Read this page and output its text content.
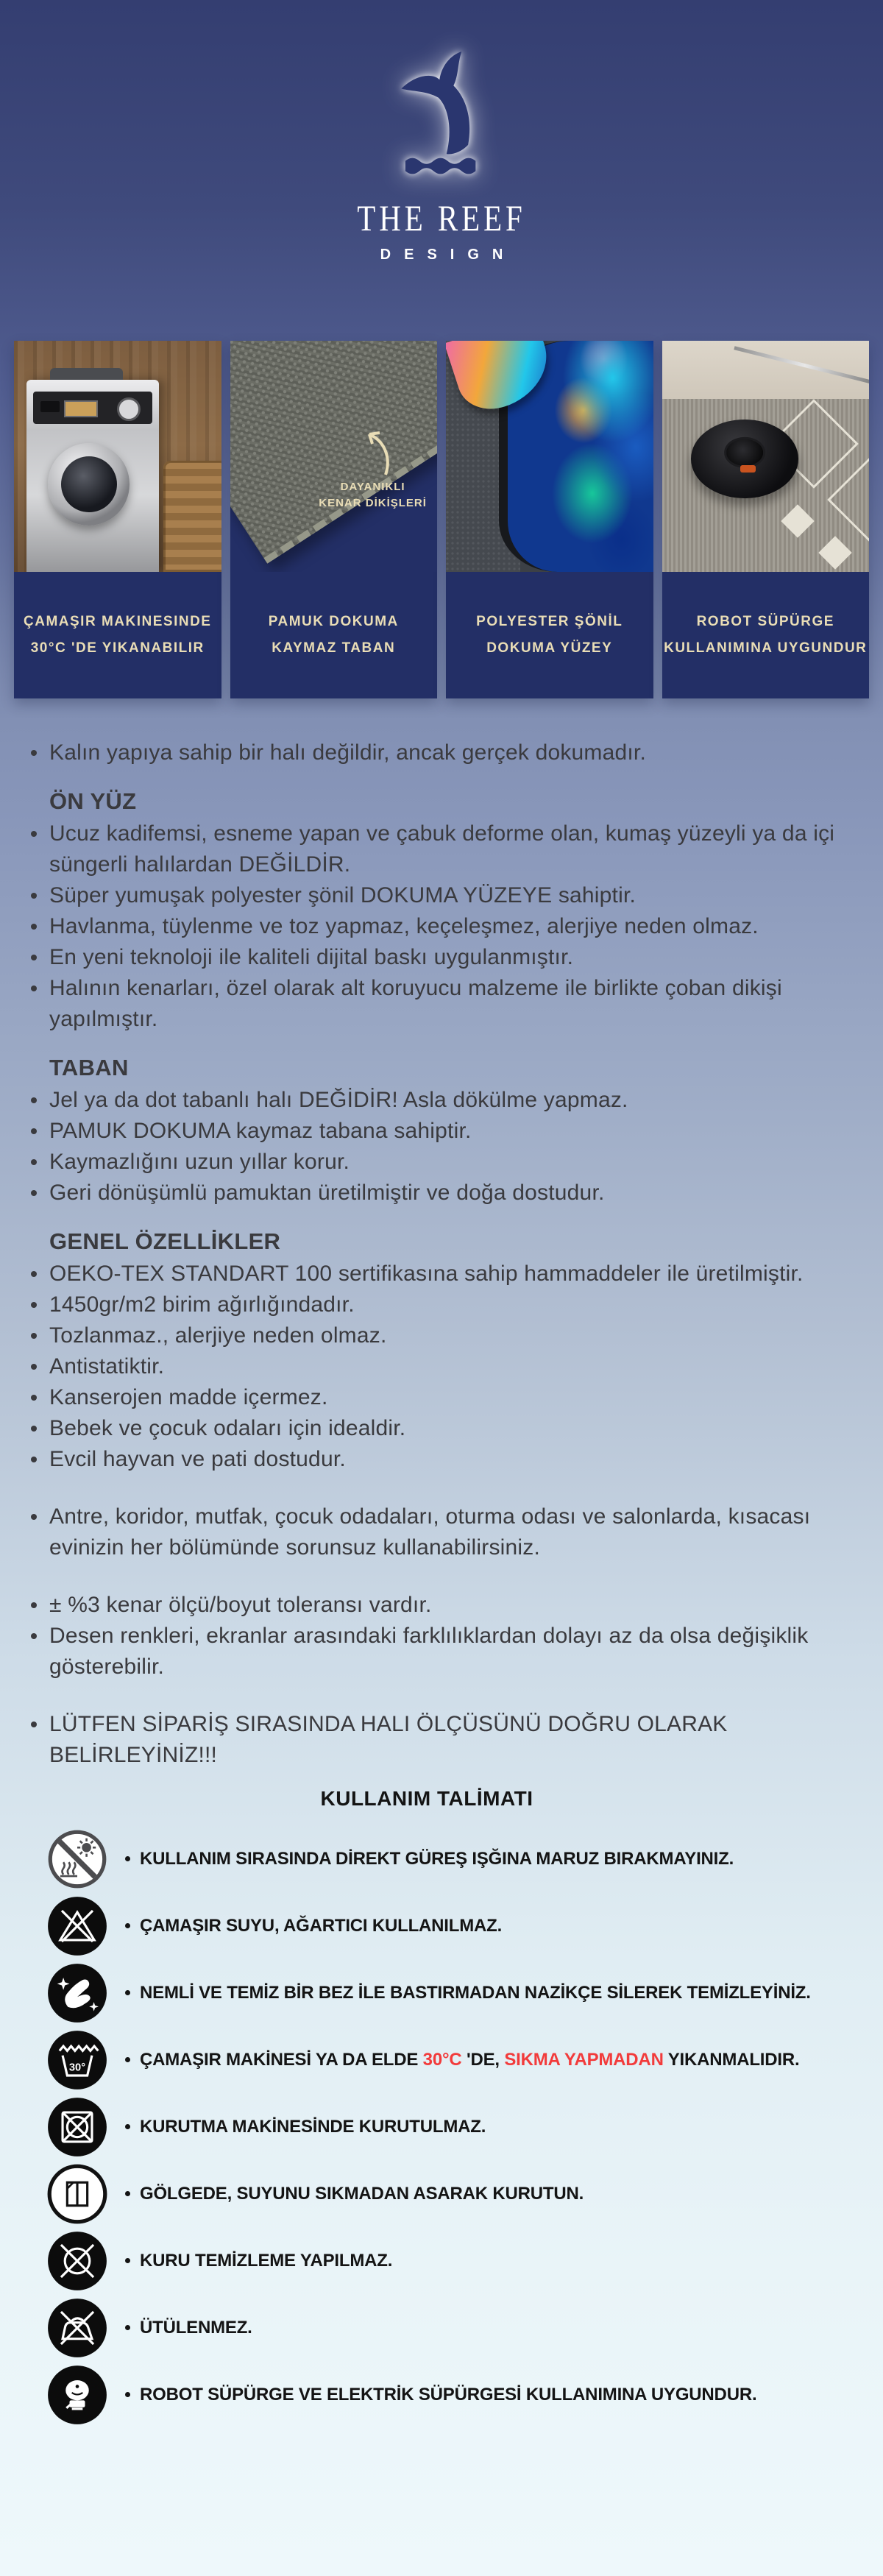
THE REEF
DESIGN
ÇAMAŞIR MAKINESINDE
30°C 'DE YIKANABILIR
DAYANIKLI
KENAR DİKİŞLERİ
PAMUK DOKUMA
KAYMAZ TABAN
POLYESTER ŞÖNİL
DOKUMA YÜZEY
ROBOT SÜPÜRGE
KULLANIMINA UYGUNDUR
Kalın yapıya sahip bir halı değildir, ancak gerçek dokumadır.
ÖN YÜZ
Ucuz kadifemsi, esneme yapan ve çabuk deforme olan, kumaş yüzeyli ya da içi süngerli halılardan DEĞİLDİR.
Süper yumuşak polyester şönil DOKUMA YÜZEYE sahiptir.
Havlanma, tüylenme ve toz yapmaz, keçeleşmez, alerjiye neden olmaz.
En yeni teknoloji ile kaliteli dijital baskı uygulanmıştır.
Halının kenarları, özel olarak alt koruyucu malzeme ile birlikte çoban dikişi yapılmıştır.
TABAN
Jel ya da dot tabanlı halı DEĞİDİR! Asla dökülme yapmaz.
PAMUK DOKUMA kaymaz tabana sahiptir.
Kaymazlığını uzun yıllar korur.
Geri dönüşümlü pamuktan üretilmiştir ve doğa dostudur.
GENEL ÖZELLİKLER
OEKO-TEX STANDART 100 sertifikasına sahip hammaddeler ile üretilmiştir.
1450gr/m2 birim ağırlığındadır.
Tozlanmaz., alerjiye neden olmaz.
Antistatiktir.
Kanserojen madde içermez.
Bebek ve çocuk odaları için idealdir.
Evcil hayvan ve pati dostudur.
Antre, koridor, mutfak, çocuk odadaları, oturma odası ve salonlarda, kısacası evinizin her bölümünde sorunsuz kullanabilirsiniz.
± %3 kenar ölçü/boyut toleransı vardır.
Desen renkleri, ekranlar arasındaki farklılıklardan dolayı az da olsa değişiklik gösterebilir.
LÜTFEN SİPARİŞ SIRASINDA HALI ÖLÇÜSÜNÜ DOĞRU OLARAK BELİRLEYİNİZ!!!
KULLANIM TALİMATI
KULLANIM SIRASINDA DİREKT GÜREŞ IŞĞINA MARUZ BIRAKMAYINIZ.
ÇAMAŞIR SUYU, AĞARTICI KULLANILMAZ.
NEMLİ VE TEMİZ BİR BEZ İLE BASTIRMADAN NAZİKÇE SİLEREK TEMİZLEYİNİZ.
30°	ÇAMAŞIR MAKİNESİ YA DA ELDE 30°C 'DE, SIKMA YAPMADAN YIKANMALIDIR.
KURUTMA MAKİNESİNDE KURUTULMAZ.
GÖLGEDE, SUYUNU SIKMADAN ASARAK KURUTUN.
KURU TEMİZLEME YAPILMAZ.
ÜTÜLENMEZ.
ROBOT SÜPÜRGE VE ELEKTRİK SÜPÜRGESİ KULLANIMINA UYGUNDUR.
